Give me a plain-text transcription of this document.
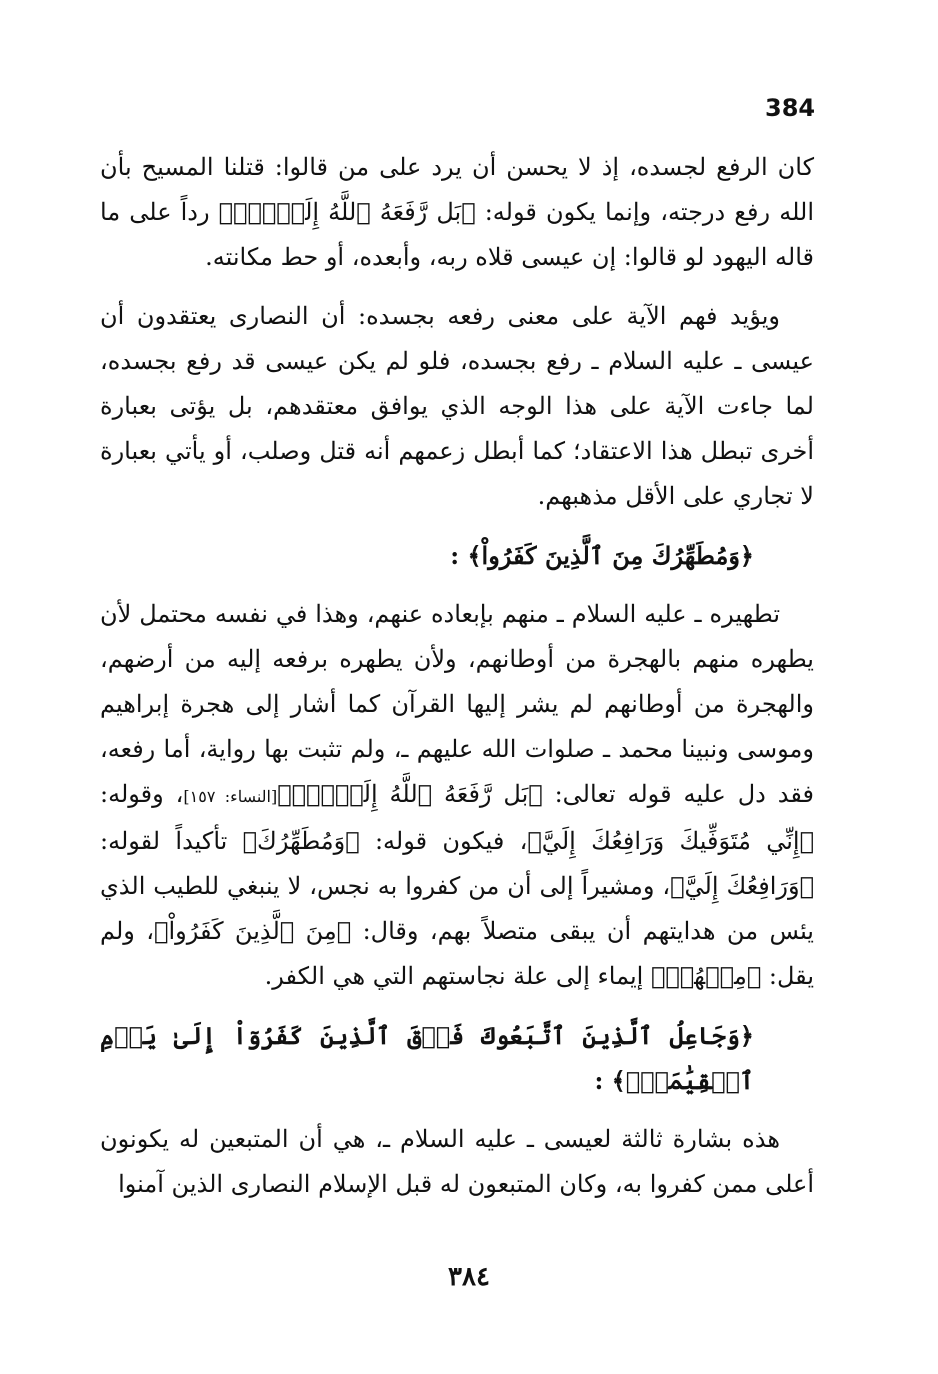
384

كان الرفع لجسده، إذ لا يحسن أن يرد على من قالوا: قتلنا المسيح بأن الله رفع درجته، وإنما يكون قوله: ﴿بَل رَّفَعَهُ ٱللَّهُ إِلَيۡهِۚ﴾ رداً على ما قاله اليهود لو قالوا: إن عيسى قلاه ربه، وأبعده، أو حط مكانته.

ويؤيد فهم الآية على معنى رفعه بجسده: أن النصارى يعتقدون أن عيسى ـ عليه السلام ـ رفع بجسده، فلو لم يكن عيسى قد رفع بجسده، لما جاءت الآية على هذا الوجه الذي يوافق معتقدهم، بل يؤتى بعبارة أخرى تبطل هذا الاعتقاد؛ كما أبطل زعمهم أنه قتل وصلب، أو يأتي بعبارة لا تجاري على الأقل مذهبهم.

﴿وَمُطَهِّرُكَ مِنَ ٱلَّذِينَ كَفَرُواْ﴾ :

تطهيره ـ عليه السلام ـ منهم بإبعاده عنهم، وهذا في نفسه محتمل لأن يطهره منهم بالهجرة من أوطانهم، ولأن يطهره برفعه إليه من أرضهم، والهجرة من أوطانهم لم يشر إليها القرآن كما أشار إلى هجرة إبراهيم وموسى ونبينا محمد ـ صلوات الله عليهم ـ، ولم تثبت بها رواية، أما رفعه، فقد دل عليه قوله تعالى: ﴿بَل رَّفَعَهُ ٱللَّهُ إِلَيۡهِۚ﴾[النساء: ١٥٧]، وقوله: ﴿إِنِّي مُتَوَفِّيكَ وَرَافِعُكَ إِلَيَّ﴾، فيكون قوله: ﴿وَمُطَهِّرُكَ﴾ تأكيداً لقوله: ﴿وَرَافِعُكَ إِلَيَّ﴾، ومشيراً إلى أن من كفروا به نجس، لا ينبغي للطيب الذي يئس من هدايتهم أن يبقى متصلاً بهم، وقال: ﴿مِنَ ٱلَّذِينَ كَفَرُواْ﴾، ولم يقل: ﴿مِنۡهُمۡ﴾ إيماء إلى علة نجاستهم التي هي الكفر.

﴿وَجَاعِلُ ٱلَّذِينَ ٱتَّبَعُوكَ فَوۡقَ ٱلَّذِينَ كَفَرُوٓاْ إِلَىٰ يَوۡمِ ٱلۡقِيَٰمَةِۖ﴾ :

هذه بشارة ثالثة لعيسى ـ عليه السلام ـ، هي أن المتبعين له يكونون أعلى ممن كفروا به، وكان المتبعون له قبل الإسلام النصارى الذين آمنوا

٣٨٤
